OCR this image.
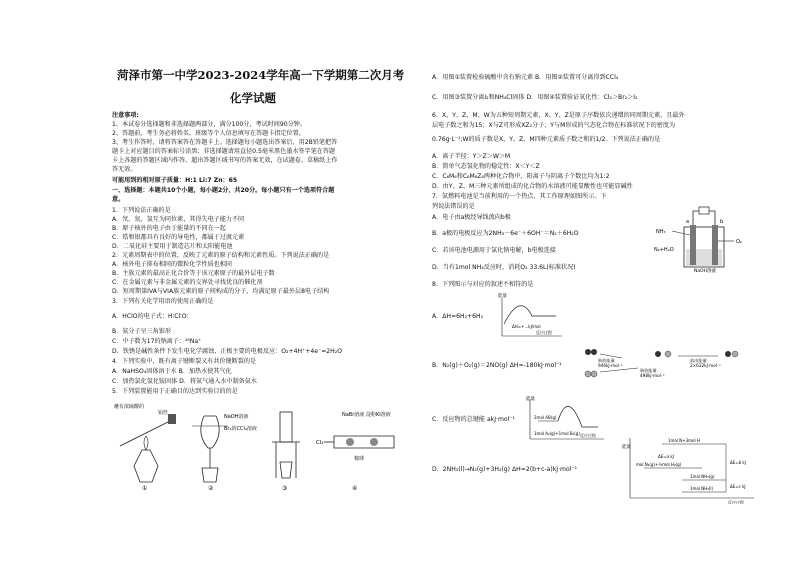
菏泽市第一中学2023-2024学年高一下学期第二次月考
化学试题
注意事项:
1、本试卷分选择题和非选择题两部分，满分100分，考试时间90分钟。
2、答题前，考生务必将姓名、班级等个人信息填写在答题卡指定位置。
3、考生作答时，请将答案答在答题卡上。选择题每小题选出答案后，用2B铅笔把答
题卡上对应题目的答案标号涂黑；非选择题请用直径0.5毫米黑色墨水签字笔在答题
卡上各题的答题区域内作答。超出答题区域书写的答案无效，在试题卷、草稿纸上作
答无效。
可能用到的相对原子质量：H:1 Li:7 Zn：65
一、选择题：本题共10个小题，每小题2分，共20分。每小题只有一个选项符合题
意。
1．下列说法正确的是
A．氘、氚、氢互为同位素，其得失电子能力不同
B．原子核外的电子由于能量的不同在一起
C．锆和银都具有良好的导电性，都属于过渡元素
D．二氧化硅主要用于制造芯片和太阳能电池
2．元素周期表中的位置，反映了元素的原子结构和元素性质。下列说法正确的是
A．核外电子排布相同的微粒化学性质也相同
B．主族元素的最高正化合价等于该元素原子的最外层电子数
C．在金属元素与非金属元素的交界处寻找优良的催化剂
D．短周期第IVA与VIA族元素的原子间构成的分子，均满足原子最外层8电子结构
3．下列有关化学用语的使用正确的是
A．HClO的电子式：H∶Cl∶O∶
B．氨分子呈三角锥形
C．中子数为17的钠离子：²⁸Na⁺
D．铁锈是碱性条件下发生电化学腐蚀，正极主要的电极反应：O₂+4H⁺+4e⁻=2H₂O
4．下列实验中，既有离子键断裂又有共价键断裂的是
A．NaHSO₄固体溶于水 B．加热水使其气化
C．加热氯化氢化铵固体 D．将氨气通入水中制备氨水
5．下列装置能用于正确目的达到实验目的的是
蘸有浓硫酸的
铂丝
①
NaOH溶液
Br₂的CCl₄溶液
②	③
Cl₂
NaBr溶液 淀粉KI溶液
棉球
④
A．用图①装置检验硫酸中含有钠元素 B．用图②装置可分离得到CCl₄
C．用图③装置分离I₂和NH₄Cl固体 D．用图④装置验证氧化性：Cl₂＞Br₂＞I₂
6．X、Y、Z、M、W为五种短周期元素，X、Y、Z是原子序数依次递增的同周期元素，且最外
层电子数之和为15；X与Z可形成XZ₂分子；Y与M形成的气态化合物在标准状况下的密度为
0.76g·L⁻¹;W的质子数是X、Y、Z、M四种元素质子数之和的1/2。下列说法正确的是
A．离子半径：Y＞Z＞W＞M
B．简单气态氢化物的稳定性：X＜Y＜Z
C．C₆M₆和C₆M₆Z₆两种化合物中，阳离子与阴离子个数比均为1:2
D．由Y、Z、M三种元素所组成的化合物的水溶液可能显酸性也可能显碱性
7．氨燃料电池是当前利用的一个热点，其工作原理如图所示。下
列说法错误的是
A．电子由a极经导线流向b极
B．a极的电极反应为2NH₃－6e⁻＋6OH⁻＝N₂＋6H₂O
C．若该电池电源用于氯化钠电解，b电极连接
D．当有1mol NH₃反应时，消耗O₂ 33.6L(标准状况)
8．下列图示与对应的叙述不相符的是
a	b
NH₃
N₂+H₂O
O₂
NaOH溶液
A．ΔH=6H₂+6H₂
能量
ΔH=+...kJ/mol
反应过程
B．N₂(g)＋O₂(g)＝2NO(g) ΔH=-180kJ·mol⁻¹
吸收能量
946kJ·mol⁻¹
吸收能量
498kJ·mol⁻¹
放出能量
2×632kJ·mol⁻¹
C．反应物的总键能 akJ·mol⁻¹
能量
2mol AB(g)
1mol A₂(g)+1mol B₂(g) 反应过程
D．2NH₃(l)→N₂(g)+3H₂(g) ΔH=2(b+c-a)kJ·mol⁻¹
能量
1mol N+3mol H
ΔE=a kJ
mol N₂(g)+½mol H₂(g)	ΔE=b kJ
1mol NH₃(g)
ΔE=c kJ
1mol NH₃(l)
反应过程
